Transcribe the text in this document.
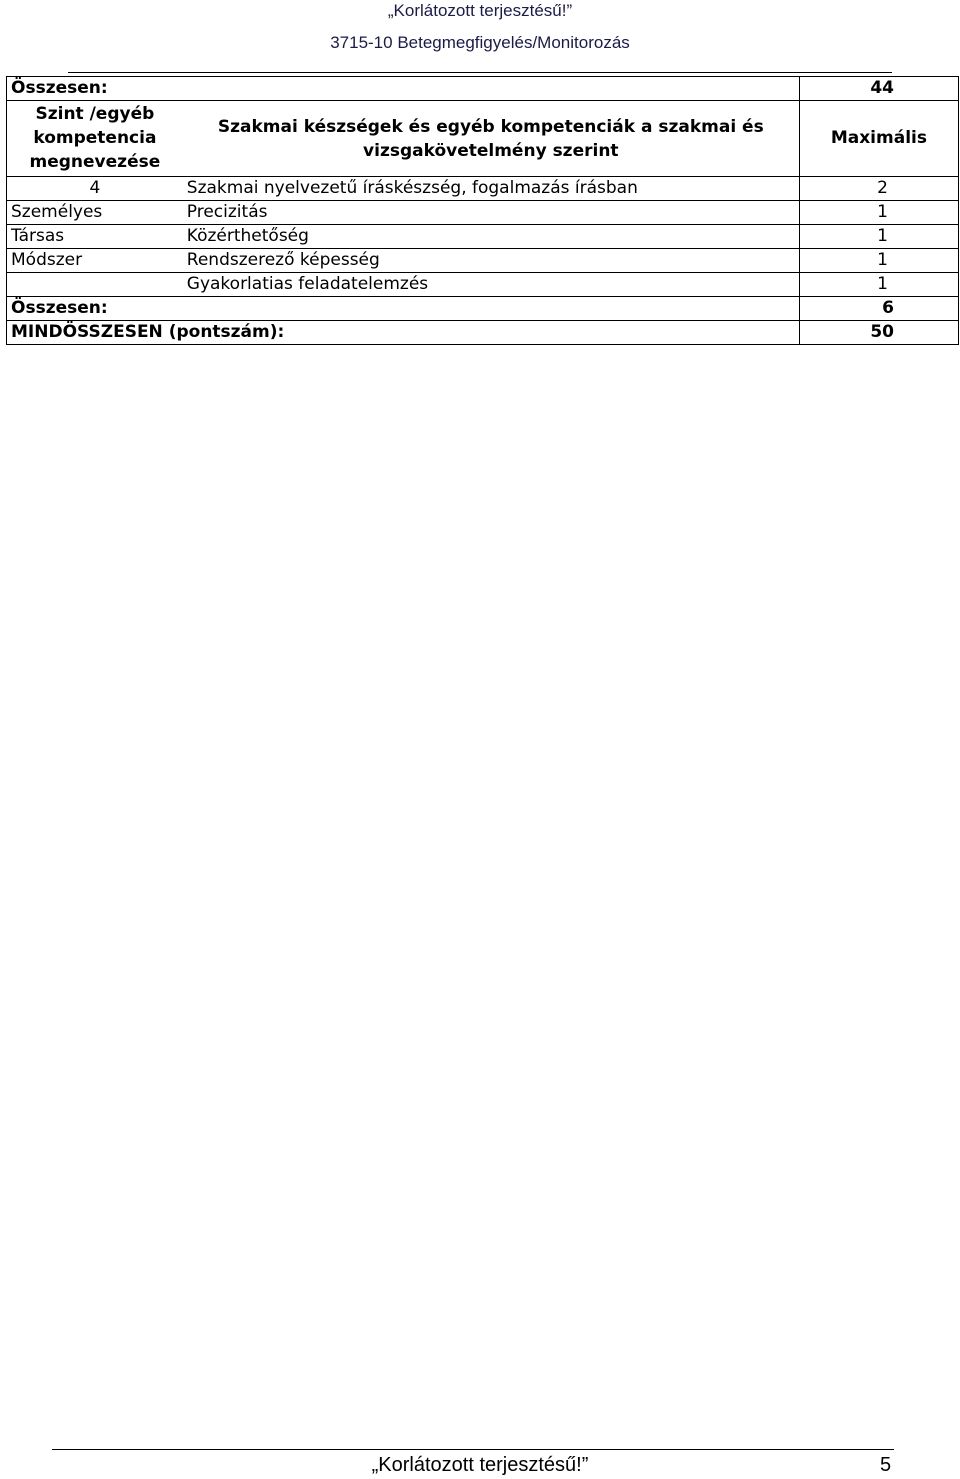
„Korlátozott terjesztésű!”
3715-10 Betegmegfigyelés/Monitorozás
Összesen:		44
Szint /egyéb kompetencia megnevezése	Szakmai készségek és egyéb kompetenciák a szakmai és vizsgakövetelmény szerint	Maximális
4	Szakmai nyelvezetű íráskészség, fogalmazás írásban	2
Személyes	Precizitás	1
Társas	Közérthetőség	1
Módszer	Rendszerező képesség	1
	Gyakorlatias feladatelemzés	1
Összesen:		6
MINDÖSSZESEN (pontszám):		50
„Korlátozott terjesztésű!”	5
